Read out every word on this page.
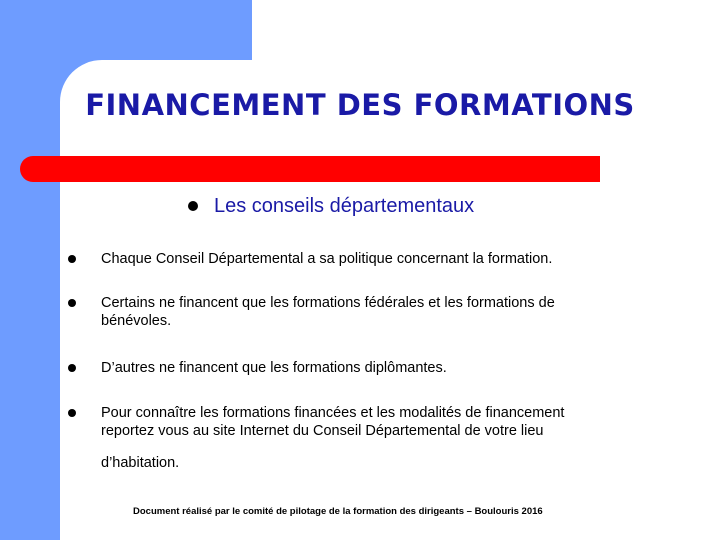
FINANCEMENT DES FORMATIONS
Les conseils départementaux
Chaque Conseil Départemental a sa politique concernant la formation.
Certains ne financent que les formations fédérales et les formations de bénévoles.
D’autres ne financent que les formations diplômantes.
Pour connaître les formations financées et les modalités de financement reportez vous au site Internet du Conseil Départemental de votre lieu
d’habitation.
Document réalisé par le comité de pilotage de la formation des dirigeants – Boulouris 2016
